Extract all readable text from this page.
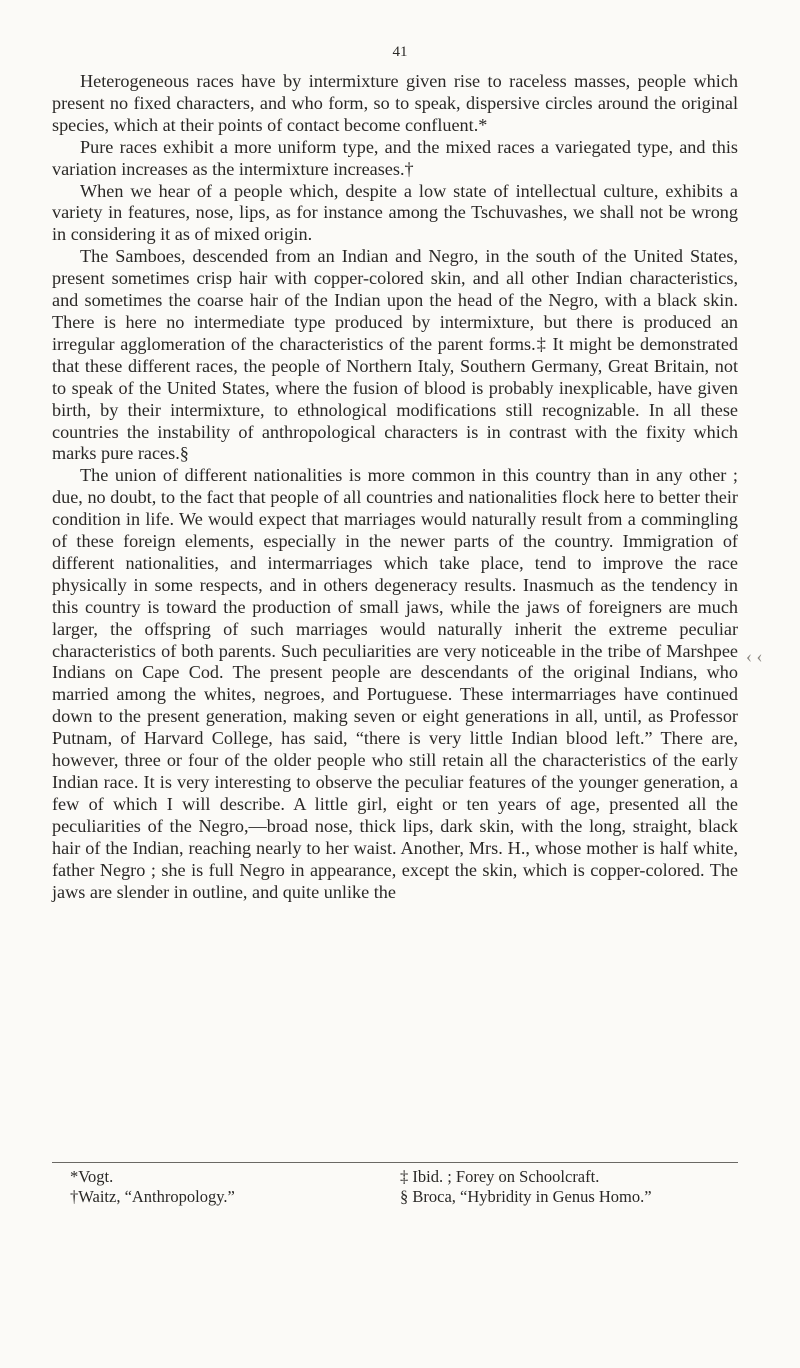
41

Heterogeneous races have by intermixture given rise to raceless masses, people which present no fixed characters, and who form, so to speak, dispersive circles around the original species, which at their points of contact become confluent.*

Pure races exhibit a more uniform type, and the mixed races a variegated type, and this variation increases as the intermixture increases.†

When we hear of a people which, despite a low state of intellectual culture, exhibits a variety in features, nose, lips, as for instance among the Tschuvashes, we shall not be wrong in considering it as of mixed origin.

The Samboes, descended from an Indian and Negro, in the south of the United States, present sometimes crisp hair with copper-colored skin, and all other Indian characteristics, and sometimes the coarse hair of the Indian upon the head of the Negro, with a black skin. There is here no intermediate type produced by intermixture, but there is produced an irregular agglomeration of the characteristics of the parent forms.‡ It might be demonstrated that these different races, the people of Northern Italy, Southern Germany, Great Britain, not to speak of the United States, where the fusion of blood is probably inexplicable, have given birth, by their intermixture, to ethnological modifications still recognizable. In all these countries the instability of anthropological characters is in contrast with the fixity which marks pure races.§

The union of different nationalities is more common in this country than in any other ; due, no doubt, to the fact that people of all countries and nationalities flock here to better their condition in life. We would expect that marriages would naturally result from a commingling of these foreign elements, especially in the newer parts of the country. Immigration of different nationalities, and intermarriages which take place, tend to improve the race physically in some respects, and in others degeneracy results. Inasmuch as the tendency in this country is toward the production of small jaws, while the jaws of foreigners are much larger, the offspring of such marriages would naturally inherit the extreme peculiar characteristics of both parents. Such peculiarities are very noticeable in the tribe of Marshpee Indians on Cape Cod. The present people are descendants of the original Indians, who married among the whites, negroes, and Portuguese. These intermarriages have continued down to the present generation, making seven or eight generations in all, until, as Professor Putnam, of Harvard College, has said, “there is very little Indian blood left.” There are, however, three or four of the older people who still retain all the characteristics of the early Indian race. It is very interesting to observe the peculiar features of the younger generation, a few of which I will describe. A little girl, eight or ten years of age, presented all the peculiarities of the Negro,—broad nose, thick lips, dark skin, with the long, straight, black hair of the Indian, reaching nearly to her waist. Another, Mrs. H., whose mother is half white, father Negro ; she is full Negro in appearance, except the skin, which is copper-colored. The jaws are slender in outline, and quite unlike the

‹ ‹
*Vogt.	‡ Ibid. ; Forey on Schoolcraft.
†Waitz, “Anthropology.”	§ Broca, “Hybridity in Genus Homo.”
